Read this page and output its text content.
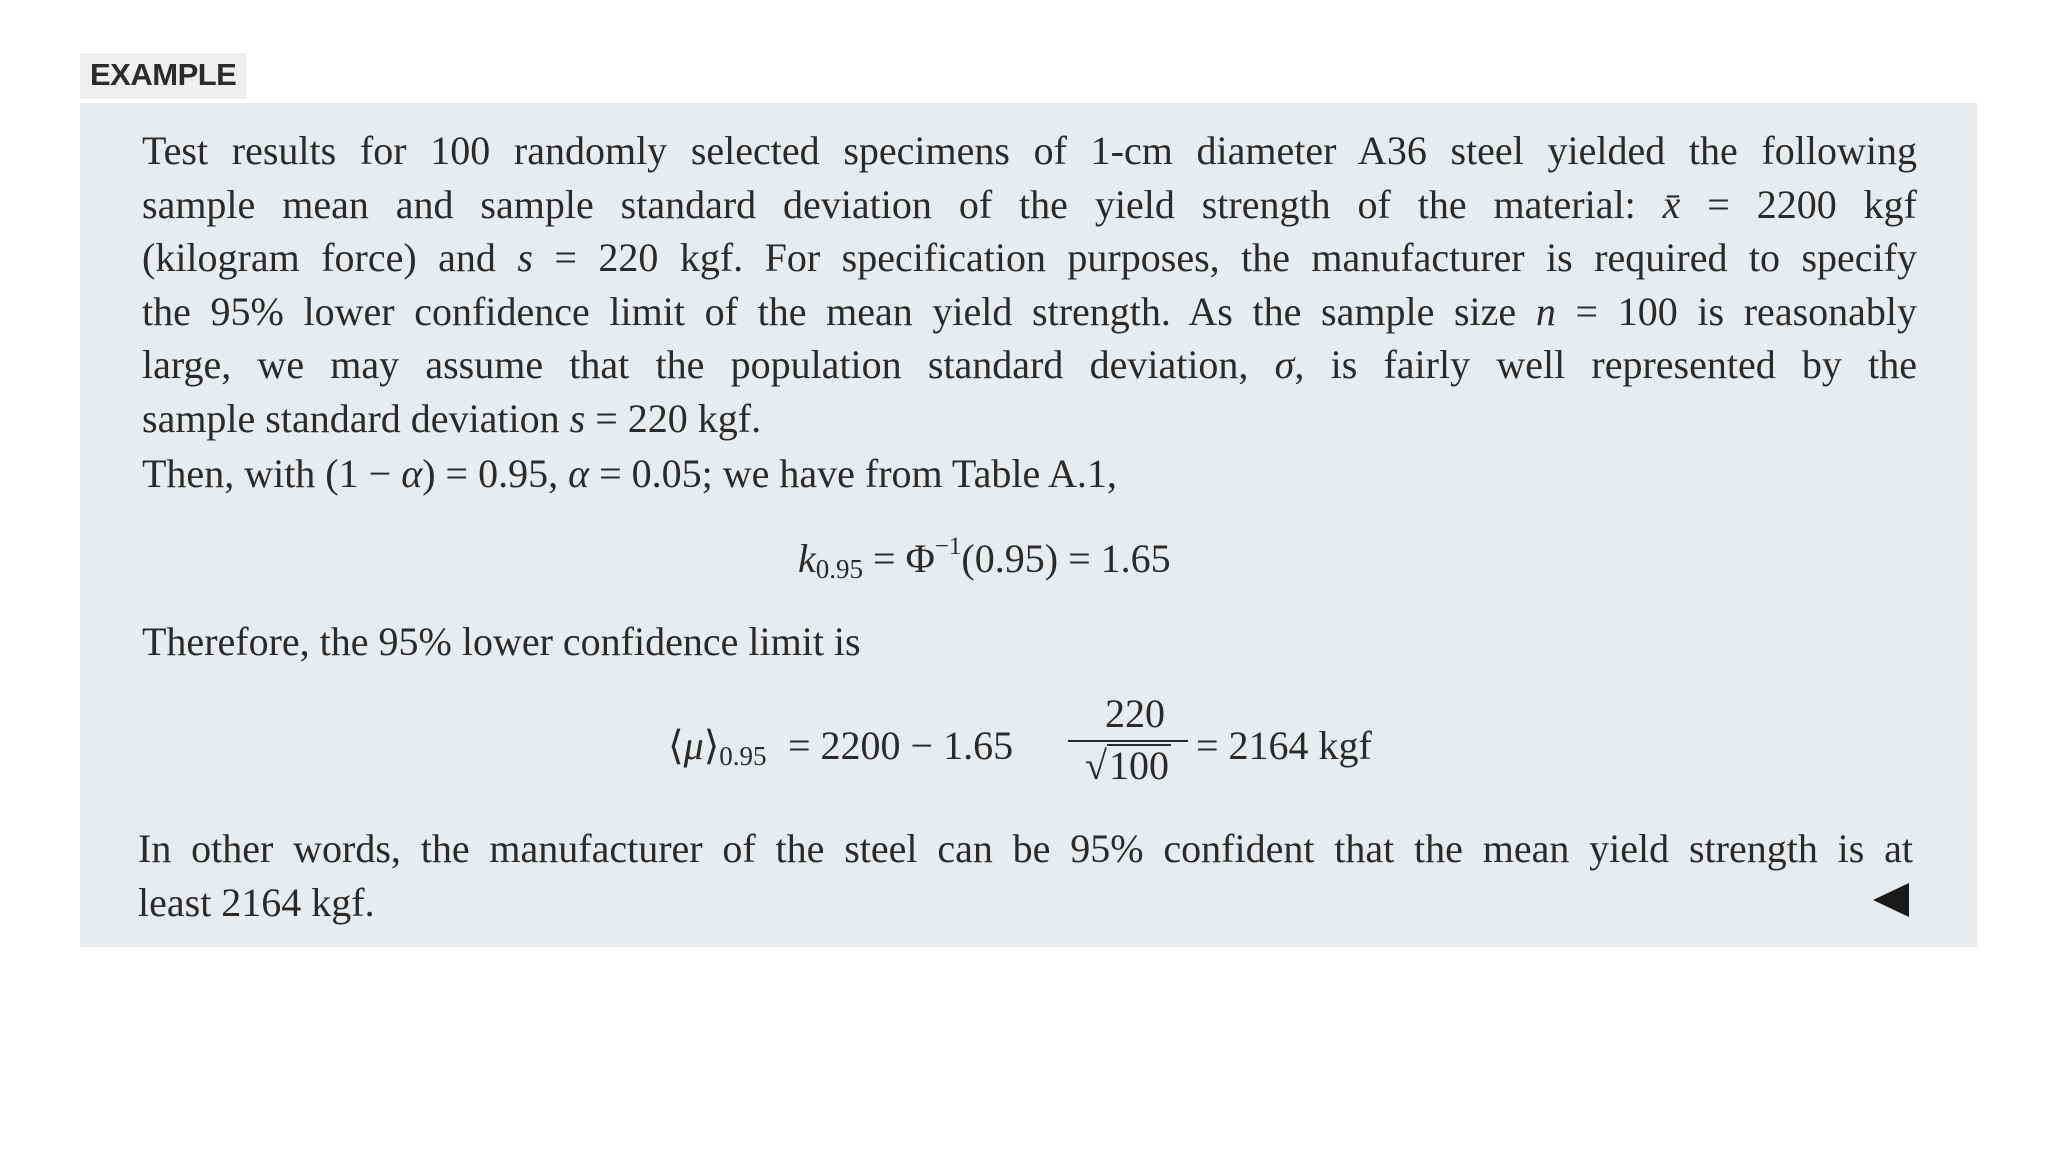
EXAMPLE
Test results for 100 randomly selected specimens of 1-cm diameter A36 steel yielded the following
sample mean and sample standard deviation of the yield strength of the material: x̄ = 2200 kgf
(kilogram force) and s = 220 kgf. For specification purposes, the manufacturer is required to specify
the 95% lower confidence limit of the mean yield strength. As the sample size n = 100 is reasonably
large, we may assume that the population standard deviation, σ, is fairly well represented by the
sample standard deviation s = 220 kgf.
Then, with (1 − α) = 0.95, α = 0.05; we have from Table A.1,
$k_{0.95} = \Phi^{-1}(0.95) = 1.65$
Therefore, the 95% lower confidence limit is
$⟨\mu⟩_{0.95} = 2200 - 1.65$
220
√100 = 2164 kgf
In other words, the manufacturer of the steel can be 95% confident that the mean yield strength is at
least 2164 kgf.
